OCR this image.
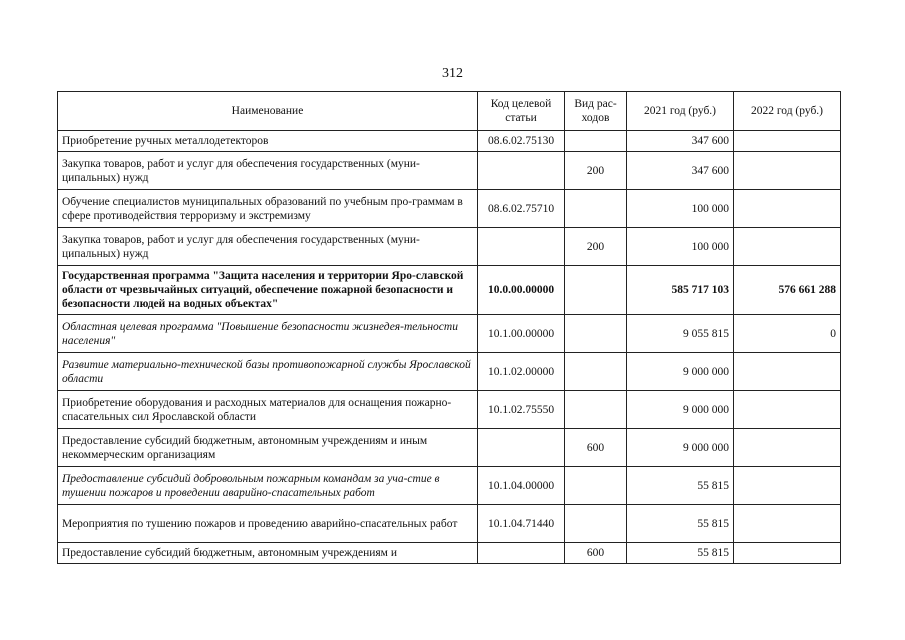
312
Наименование	Код целевой статьи	Вид рас-ходов	2021 год (руб.)	2022 год (руб.)
Приобретение ручных металлодетекторов	08.6.02.75130		347 600	
Закупка товаров, работ и услуг для обеспечения государственных (муни-ципальных) нужд		200	347 600	
Обучение специалистов муниципальных образований по учебным про-граммам в сфере противодействия терроризму и экстремизму	08.6.02.75710		100 000	
Закупка товаров, работ и услуг для обеспечения государственных (муни-ципальных) нужд		200	100 000	
Государственная программа "Защита населения и территории Яро-славской области от чрезвычайных ситуаций, обеспечение пожарной безопасности и безопасности людей на водных объектах"	10.0.00.00000		585 717 103	576 661 288
Областная целевая программа "Повышение безопасности жизнедея-тельности населения"	10.1.00.00000		9 055 815	0
Развитие материально-технической базы противопожарной службы Ярославской области	10.1.02.00000		9 000 000	
Приобретение оборудования и расходных материалов для оснащения пожарно-спасательных сил Ярославской области	10.1.02.75550		9 000 000	
Предоставление субсидий бюджетным, автономным учреждениям и иным некоммерческим организациям		600	9 000 000	
Предоставление субсидий добровольным пожарным командам за уча-стие в тушении пожаров и проведении аварийно-спасательных работ	10.1.04.00000		55 815	
Мероприятия по тушению пожаров и проведению аварийно-спасательных работ	10.1.04.71440		55 815	
Предоставление субсидий бюджетным, автономным учреждениям и		600	55 815	
